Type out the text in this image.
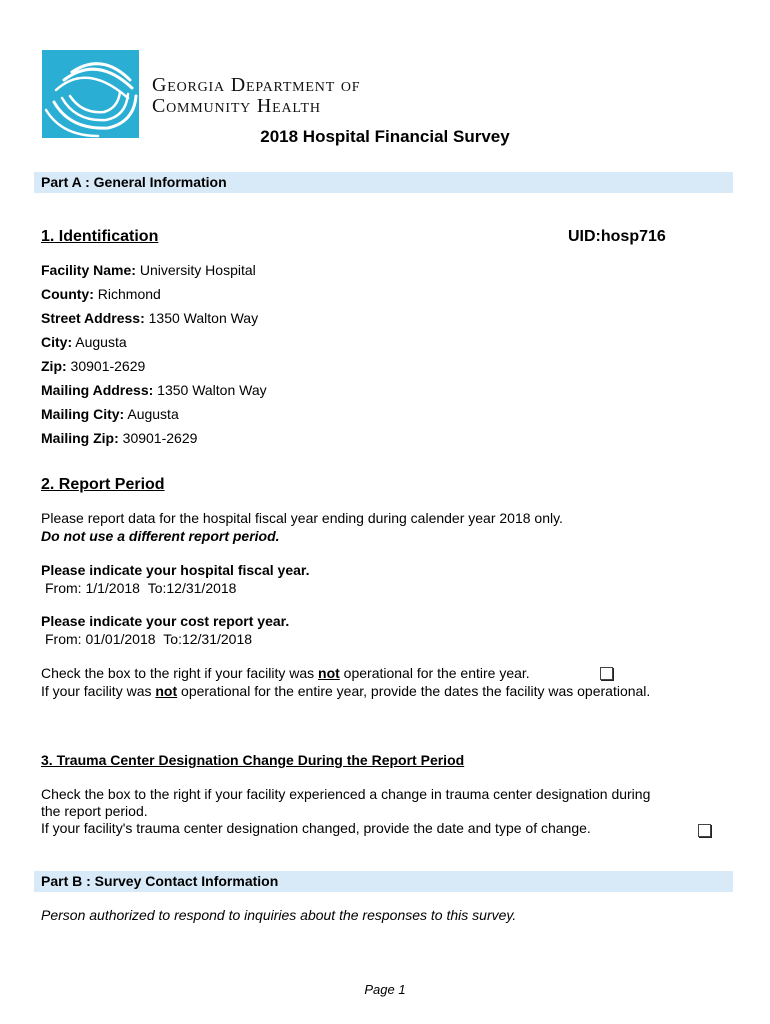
Georgia Department of
Community Health
2018 Hospital Financial Survey
Part A : General Information
1. Identification	UID:hosp716
Facility Name: University Hospital
County: Richmond
Street Address: 1350 Walton Way
City: Augusta
Zip: 30901-2629
Mailing Address: 1350 Walton Way
Mailing City: Augusta
Mailing Zip: 30901-2629
2. Report Period
Please report data for the hospital fiscal year ending during calender year 2018 only.
Do not use a different report period.
Please indicate your hospital fiscal year.
From: 1/1/2018 To:12/31/2018
Please indicate your cost report year.
From: 01/01/2018 To:12/31/2018
Check the box to the right if your facility was not operational for the entire year.
If your facility was not operational for the entire year, provide the dates the facility was operational.
3. Trauma Center Designation Change During the Report Period
Check the box to the right if your facility experienced a change in trauma center designation during
the report period.
If your facility's trauma center designation changed, provide the date and type of change.
Part B : Survey Contact Information
Person authorized to respond to inquiries about the responses to this survey.
Page 1
